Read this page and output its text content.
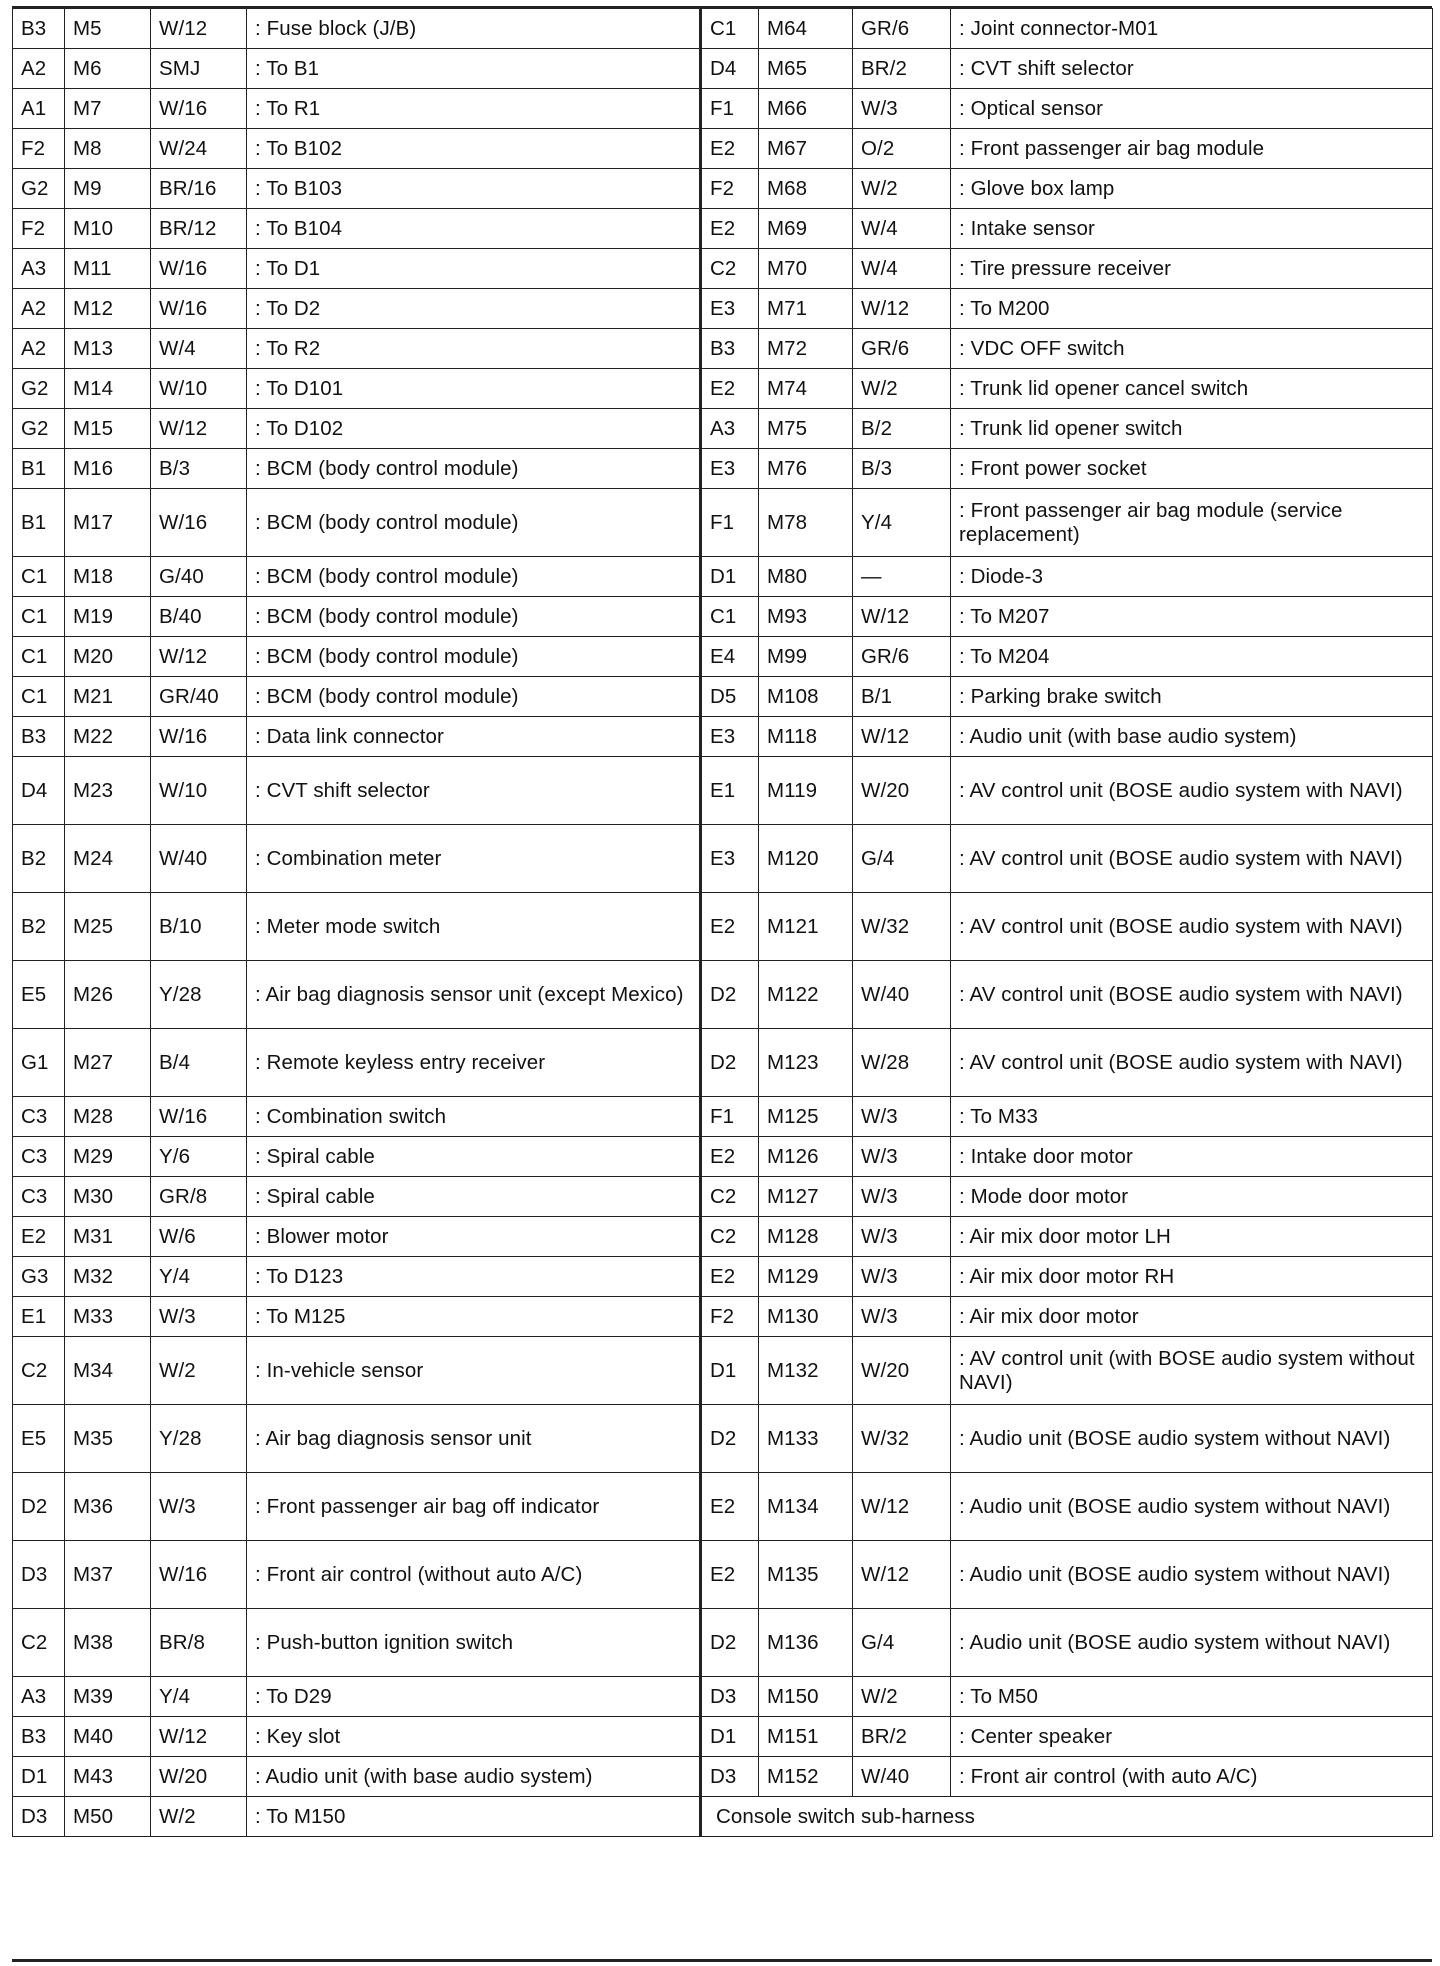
B3	M5	W/12	: Fuse block (J/B)	C1	M64	GR/6	: Joint connector-M01
A2	M6	SMJ	: To B1	D4	M65	BR/2	: CVT shift selector
A1	M7	W/16	: To R1	F1	M66	W/3	: Optical sensor
F2	M8	W/24	: To B102	E2	M67	O/2	: Front passenger air bag module
G2	M9	BR/16	: To B103	F2	M68	W/2	: Glove box lamp
F2	M10	BR/12	: To B104	E2	M69	W/4	: Intake sensor
A3	M11	W/16	: To D1	C2	M70	W/4	: Tire pressure receiver
A2	M12	W/16	: To D2	E3	M71	W/12	: To M200
A2	M13	W/4	: To R2	B3	M72	GR/6	: VDC OFF switch
G2	M14	W/10	: To D101	E2	M74	W/2	: Trunk lid opener cancel switch
G2	M15	W/12	: To D102	A3	M75	B/2	: Trunk lid opener switch
B1	M16	B/3	: BCM (body control module)	E3	M76	B/3	: Front power socket
B1	M17	W/16	: BCM (body control module)	F1	M78	Y/4	: Front passenger air bag module (service replacement)
C1	M18	G/40	: BCM (body control module)	D1	M80	—	: Diode-3
C1	M19	B/40	: BCM (body control module)	C1	M93	W/12	: To M207
C1	M20	W/12	: BCM (body control module)	E4	M99	GR/6	: To M204
C1	M21	GR/40	: BCM (body control module)	D5	M108	B/1	: Parking brake switch
B3	M22	W/16	: Data link connector	E3	M118	W/12	: Audio unit (with base audio system)
D4	M23	W/10	: CVT shift selector	E1	M119	W/20	: AV control unit (BOSE audio system with NAVI)
B2	M24	W/40	: Combination meter	E3	M120	G/4	: AV control unit (BOSE audio system with NAVI)
B2	M25	B/10	: Meter mode switch	E2	M121	W/32	: AV control unit (BOSE audio system with NAVI)
E5	M26	Y/28	: Air bag diagnosis sensor unit (except Mexico)	D2	M122	W/40	: AV control unit (BOSE audio system with NAVI)
G1	M27	B/4	: Remote keyless entry receiver	D2	M123	W/28	: AV control unit (BOSE audio system with NAVI)
C3	M28	W/16	: Combination switch	F1	M125	W/3	: To M33
C3	M29	Y/6	: Spiral cable	E2	M126	W/3	: Intake door motor
C3	M30	GR/8	: Spiral cable	C2	M127	W/3	: Mode door motor
E2	M31	W/6	: Blower motor	C2	M128	W/3	: Air mix door motor LH
G3	M32	Y/4	: To D123	E2	M129	W/3	: Air mix door motor RH
E1	M33	W/3	: To M125	F2	M130	W/3	: Air mix door motor
C2	M34	W/2	: In-vehicle sensor	D1	M132	W/20	: AV control unit (with BOSE audio system without NAVI)
E5	M35	Y/28	: Air bag diagnosis sensor unit	D2	M133	W/32	: Audio unit (BOSE audio system without NAVI)
D2	M36	W/3	: Front passenger air bag off indicator	E2	M134	W/12	: Audio unit (BOSE audio system without NAVI)
D3	M37	W/16	: Front air control (without auto A/C)	E2	M135	W/12	: Audio unit (BOSE audio system without NAVI)
C2	M38	BR/8	: Push-button ignition switch	D2	M136	G/4	: Audio unit (BOSE audio system without NAVI)
A3	M39	Y/4	: To D29	D3	M150	W/2	: To M50
B3	M40	W/12	: Key slot	D1	M151	BR/2	: Center speaker
D1	M43	W/20	: Audio unit (with base audio system)	D3	M152	W/40	: Front air control (with auto A/C)
D3	M50	W/2	: To M150	Console switch sub-harness			
